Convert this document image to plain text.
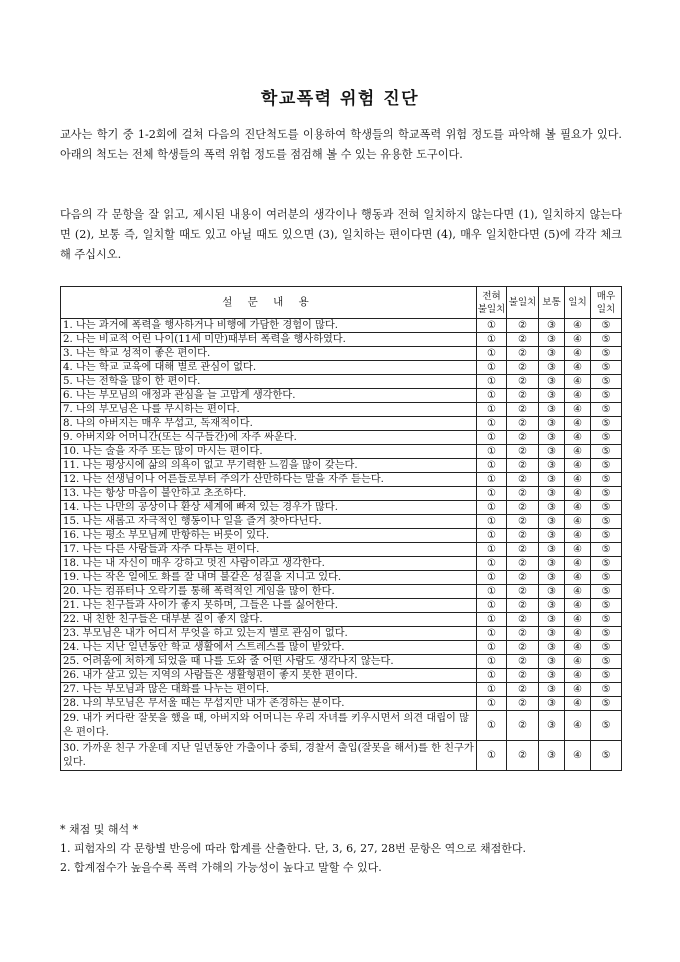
학교폭력 위험 진단

교사는 학기 중 1-2회에 걸쳐 다음의 진단척도를 이용하여 학생들의 학교폭력 위험 정도를 파악해 볼 필요가 있다. 아래의 척도는 전체 학생들의 폭력 위험 정도를 점검해 볼 수 있는 유용한 도구이다.

다음의 각 문항을 잘 읽고, 제시된 내용이 여러분의 생각이나 행동과 전혀 일치하지 않는다면 (1), 일치하지 않는다면 (2), 보통 즉, 일치할 때도 있고 아닐 때도 있으면 (3), 일치하는 편이다면 (4), 매우 일치한다면 (5)에 각각 체크해 주십시오.

설 문 내 용	전혀 불일치	불일치	보통	일치	매우 일치
1. 나는 과거에 폭력을 행사하거나 비행에 가담한 경험이 많다.	①	②	③	④	⑤
2. 나는 비교적 어린 나이(11세 미만)때부터 폭력을 행사하였다.	①	②	③	④	⑤
3. 나는 학교 성적이 좋은 편이다.	①	②	③	④	⑤
4. 나는 학교 교육에 대해 별로 관심이 없다.	①	②	③	④	⑤
5. 나는 전학을 많이 한 편이다.	①	②	③	④	⑤
6. 나는 부모님의 애정과 관심을 늘 고맙게 생각한다.	①	②	③	④	⑤
7. 나의 부모님은 나를 무시하는 편이다.	①	②	③	④	⑤
8. 나의 아버지는 매우 무섭고, 독재적이다.	①	②	③	④	⑤
9. 아버지와 어머니간(또는 식구들간)에 자주 싸운다.	①	②	③	④	⑤
10. 나는 술을 자주 또는 많이 마시는 편이다.	①	②	③	④	⑤
11. 나는 평상시에 삶의 의욕이 없고 무기력한 느낌을 많이 갖는다.	①	②	③	④	⑤
12. 나는 선생님이나 어른들로부터 주의가 산만하다는 말을 자주 듣는다.	①	②	③	④	⑤
13. 나는 항상 마음이 불안하고 초조하다.	①	②	③	④	⑤
14. 나는 나만의 공상이나 환상 세계에 빠져 있는 경우가 많다.	①	②	③	④	⑤
15. 나는 새롭고 자극적인 행동이나 일을 즐겨 찾아다닌다.	①	②	③	④	⑤
16. 나는 평소 부모님께 반항하는 버릇이 있다.	①	②	③	④	⑤
17. 나는 다른 사람들과 자주 다투는 편이다.	①	②	③	④	⑤
18. 나는 내 자신이 매우 강하고 멋진 사람이라고 생각한다.	①	②	③	④	⑤
19. 나는 작은 일에도 화를 잘 내며 불같은 성질을 지니고 있다.	①	②	③	④	⑤
20. 나는 컴퓨터나 오락기를 통해 폭력적인 게임을 많이 한다.	①	②	③	④	⑤
21. 나는 친구들과 사이가 좋지 못하며, 그들은 나를 싫어한다.	①	②	③	④	⑤
22. 내 친한 친구들은 대부분 질이 좋지 않다.	①	②	③	④	⑤
23. 부모님은 내가 어디서 무엇을 하고 있는지 별로 관심이 없다.	①	②	③	④	⑤
24. 나는 지난 일년동안 학교 생활에서 스트레스를 많이 받았다.	①	②	③	④	⑤
25. 어려움에 처하게 되었을 때 나를 도와 줄 어떤 사람도 생각나지 않는다.	①	②	③	④	⑤
26. 내가 살고 있는 지역의 사람들은 생활형편이 좋지 못한 편이다.	①	②	③	④	⑤
27. 나는 부모님과 많은 대화를 나누는 편이다.	①	②	③	④	⑤
28. 나의 부모님은 무서울 때는 무섭지만 내가 존경하는 분이다.	①	②	③	④	⑤
29. 내가 커다란 잘못을 했을 때, 아버지와 어머니는 우리 자녀를 키우시면서 의견 대립이 많은 편이다.	①	②	③	④	⑤
30. 가까운 친구 가운데 지난 일년동안 가출이나 중퇴, 경찰서 출입(잘못을 해서)를 한 친구가 있다.	①	②	③	④	⑤

* 채점 및 해석 *

1. 피험자의 각 문항별 반응에 따라 합계를 산출한다. 단, 3, 6, 27, 28번 문항은 역으로 채점한다.

2. 합계점수가 높을수록 폭력 가해의 가능성이 높다고 말할 수 있다.
